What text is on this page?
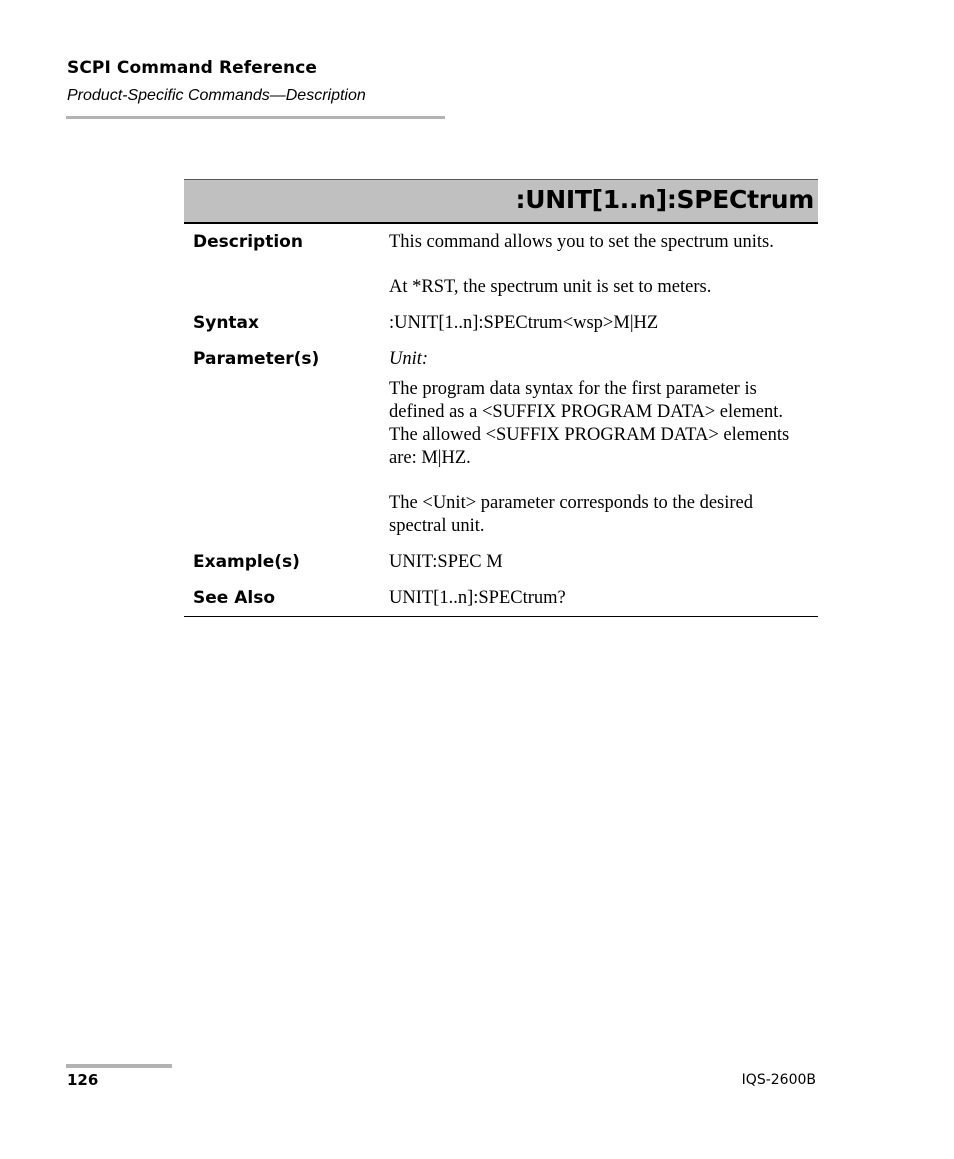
SCPI Command Reference
Product-Specific Commands—Description
:UNIT[1..n]:SPECtrum
Description	This command allows you to set the spectrum units.

At *RST, the spectrum unit is set to meters.

Syntax	:UNIT[1..n]:SPECtrum<wsp>M|HZ

Parameter(s)	Unit:

The program data syntax for the first parameter is defined as a <SUFFIX PROGRAM DATA> element. The allowed <SUFFIX PROGRAM DATA> elements are: M|HZ.

The <Unit> parameter corresponds to the desired spectral unit.

Example(s)	UNIT:SPEC M

See Also	UNIT[1..n]:SPECtrum?

126	IQS-2600B
